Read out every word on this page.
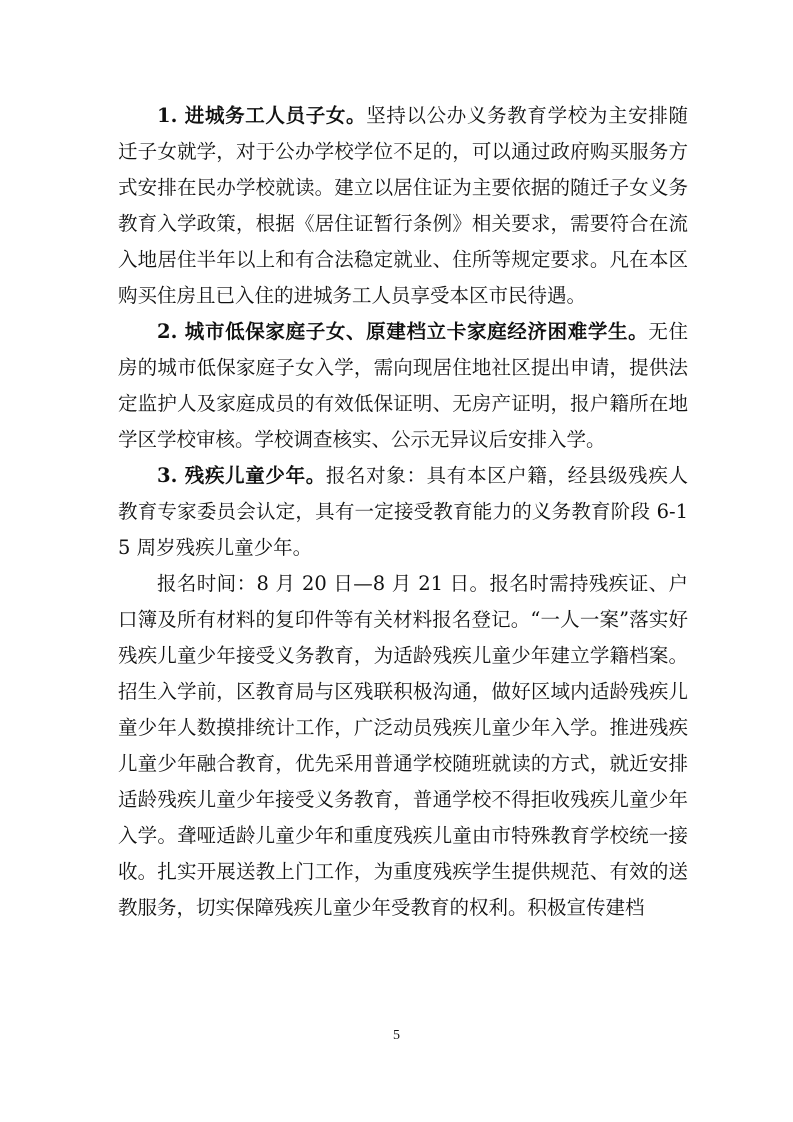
1. 进城务工人员子女。坚持以公办义务教育学校为主安排随迁子女就学，对于公办学校学位不足的，可以通过政府购买服务方式安排在民办学校就读。建立以居住证为主要依据的随迁子女义务教育入学政策，根据《居住证暂行条例》相关要求，需要符合在流入地居住半年以上和有合法稳定就业、住所等规定要求。凡在本区购买住房且已入住的进城务工人员享受本区市民待遇。

2. 城市低保家庭子女、原建档立卡家庭经济困难学生。无住房的城市低保家庭子女入学，需向现居住地社区提出申请，提供法定监护人及家庭成员的有效低保证明、无房产证明，报户籍所在地学区学校审核。学校调查核实、公示无异议后安排入学。

3. 残疾儿童少年。报名对象：具有本区户籍，经县级残疾人教育专家委员会认定，具有一定接受教育能力的义务教育阶段 6-15 周岁残疾儿童少年。

报名时间：8 月 20 日—8 月 21 日。报名时需持残疾证、户口簿及所有材料的复印件等有关材料报名登记。“一人一案”落实好残疾儿童少年接受义务教育，为适龄残疾儿童少年建立学籍档案。招生入学前，区教育局与区残联积极沟通，做好区域内适龄残疾儿童少年人数摸排统计工作，广泛动员残疾儿童少年入学。推进残疾儿童少年融合教育，优先采用普通学校随班就读的方式，就近安排适龄残疾儿童少年接受义务教育，普通学校不得拒收残疾儿童少年入学。聋哑适龄儿童少年和重度残疾儿童由市特殊教育学校统一接收。扎实开展送教上门工作，为重度残疾学生提供规范、有效的送教服务，切实保障残疾儿童少年受教育的权利。积极宣传建档

5
